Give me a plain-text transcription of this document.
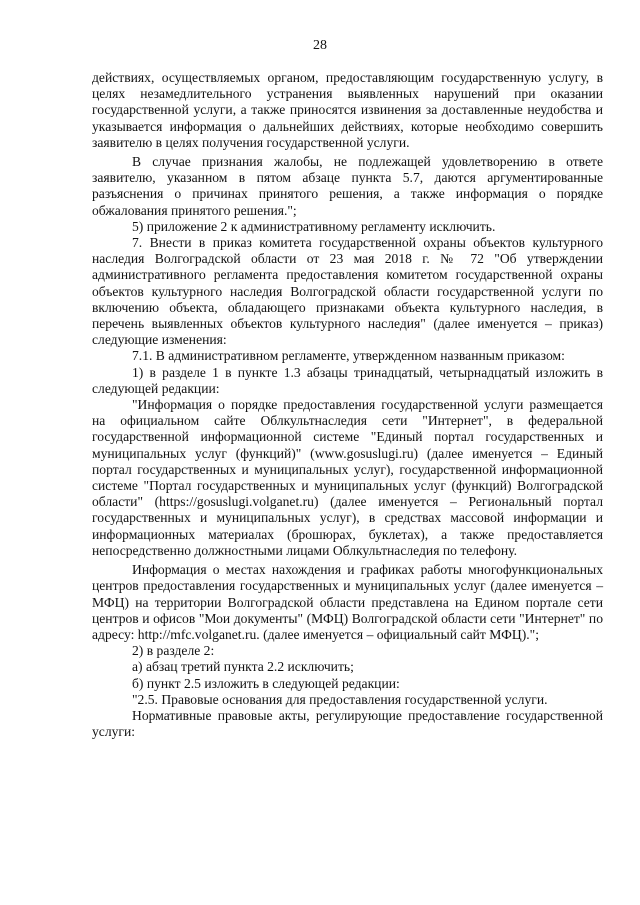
28

действиях, осуществляемых органом, предоставляющим государственную услугу, в целях незамедлительного устранения выявленных нарушений при оказании государственной услуги, а также приносятся извинения за доставленные неудобства и указывается информация о дальнейших действиях, которые необходимо совершить заявителю в целях получения государственной услуги.

В случае признания жалобы, не подлежащей удовлетворению в ответе заявителю, указанном в пятом абзаце пункта 5.7, даются аргументированные разъяснения о причинах принятого решения, а также информация о порядке обжалования принятого решения.";

5) приложение 2 к административному регламенту исключить.

7. Внести в приказ комитета государственной охраны объектов культурного наследия Волгоградской области от 23 мая 2018 г. № 72 "Об утверждении административного регламента предоставления комитетом государственной охраны объектов культурного наследия Волгоградской области государственной услуги по включению объекта, обладающего признаками объекта культурного наследия, в перечень выявленных объектов культурного наследия" (далее именуется – приказ) следующие изменения:

7.1. В административном регламенте, утвержденном названным приказом:

1) в разделе 1 в пункте 1.3 абзацы тринадцатый, четырнадцатый изложить в следующей редакции:

"Информация о порядке предоставления государственной услуги размещается на официальном сайте Облкультнаследия сети "Интернет", в федеральной государственной информационной системе "Единый портал государственных и муниципальных услуг (функций)" (www.gosuslugi.ru) (далее именуется – Единый портал государственных и муниципальных услуг), государственной информационной системе "Портал государственных и муниципальных услуг (функций) Волгоградской области" (https://gosuslugi.volganet.ru) (далее именуется – Региональный портал государственных и муниципальных услуг), в средствах массовой информации и информационных материалах (брошюрах, буклетах), а также предоставляется непосредственно должностными лицами Облкультнаследия по телефону.

Информация о местах нахождения и графиках работы многофункциональных центров предоставления государственных и муниципальных услуг (далее именуется – МФЦ) на территории Волгоградской области представлена на Едином портале сети центров и офисов "Мои документы" (МФЦ) Волгоградской области сети "Интернет" по адресу: http://mfc.volganet.ru. (далее именуется – официальный сайт МФЦ).";

2) в разделе 2:

а) абзац третий пункта 2.2 исключить;

б) пункт 2.5 изложить в следующей редакции:

"2.5. Правовые основания для предоставления государственной услуги.

Нормативные правовые акты, регулирующие предоставление государственной услуги:
